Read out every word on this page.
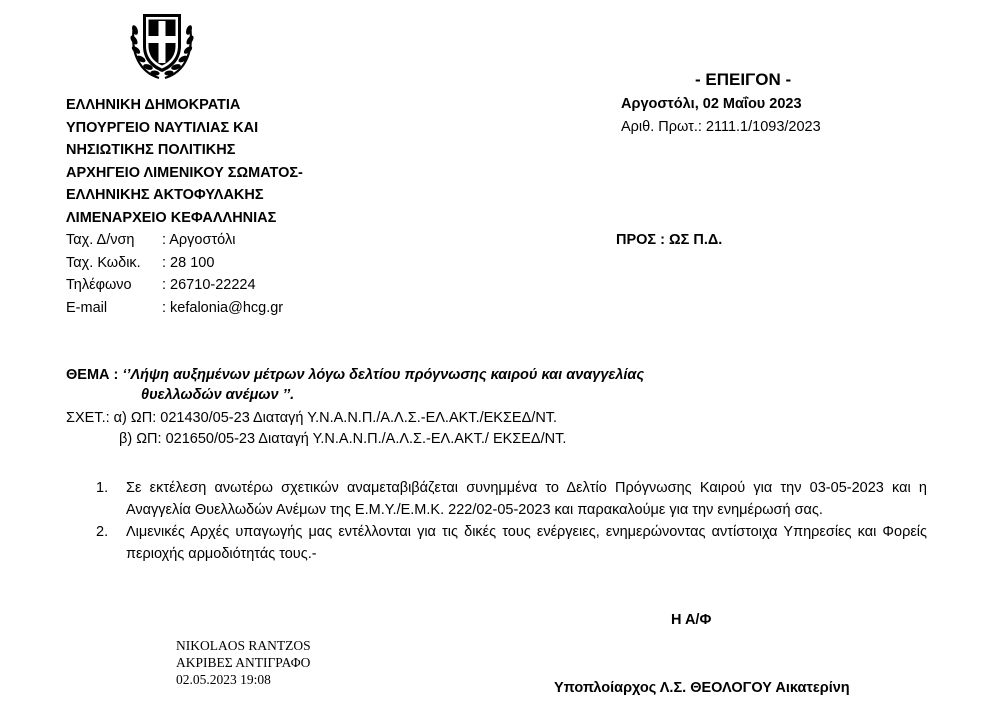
- ΕΠΕΙΓΟΝ -
Αργοστόλι, 02 Μαΐου 2023
Αριθ. Πρωτ.: 2111.1/1093/2023
ΠΡΟΣ : ΩΣ Π.Δ.
ΕΛΛΗΝΙΚΗ ΔΗΜΟΚΡΑΤΙΑ
ΥΠΟΥΡΓΕΙΟ ΝΑΥΤΙΛΙΑΣ ΚΑΙ
ΝΗΣΙΩΤΙΚΗΣ ΠΟΛΙΤΙΚΗΣ
ΑΡΧΗΓΕΙΟ ΛΙΜΕΝΙΚΟΥ ΣΩΜΑΤΟΣ-
ΕΛΛΗΝΙΚΗΣ ΑΚΤΟΦΥΛΑΚΗΣ
ΛΙΜΕΝΑΡΧΕΙΟ ΚΕΦΑΛΛΗΝΙΑΣ
Ταχ. Δ/νση : Αργοστόλι
Ταχ. Κωδικ. : 28 100
Τηλέφωνο : 26710-22224
E-mail	: kefalonia@hcg.gr
ΘΕΜΑ : ‘’Λήψη αυξημένων μέτρων λόγω δελτίου πρόγνωσης καιρού και αναγγελίας
θυελλωδών ανέμων ’’.
ΣΧΕΤ.: α) ΩΠ: 021430/05-23 Διαταγή Υ.Ν.Α.Ν.Π./Α.Λ.Σ.-ΕΛ.ΑΚΤ./ΕΚΣΕΔ/ΝΤ.
β) ΩΠ: 021650/05-23 Διαταγή Υ.Ν.Α.Ν.Π./Α.Λ.Σ.-ΕΛ.ΑΚΤ./ ΕΚΣΕΔ/ΝΤ.
1.	Σε εκτέλεση ανωτέρω σχετικών αναμεταβιβάζεται συνημμένα το Δελτίο Πρόγνωσης Καιρού για την 03-05-2023 και η Αναγγελία Θυελλωδών Ανέμων της Ε.Μ.Υ./Ε.Μ.Κ. 222/02-05-2023 και παρακαλούμε για την ενημέρωσή σας.
2.	Λιμενικές Αρχές υπαγωγής μας εντέλλονται για τις δικές τους ενέργειες, ενημερώνοντας αντίστοιχα Υπηρεσίες και Φορείς περιοχής αρμοδιότητάς τους.-
Η Α/Φ
Υποπλοίαρχος Λ.Σ. ΘΕΟΛΟΓΟΥ Αικατερίνη
NIKOLAOS RANTZOS
ΑΚΡΙΒΕΣ ΑΝΤΙΓΡΑΦΟ
02.05.2023 19:08
